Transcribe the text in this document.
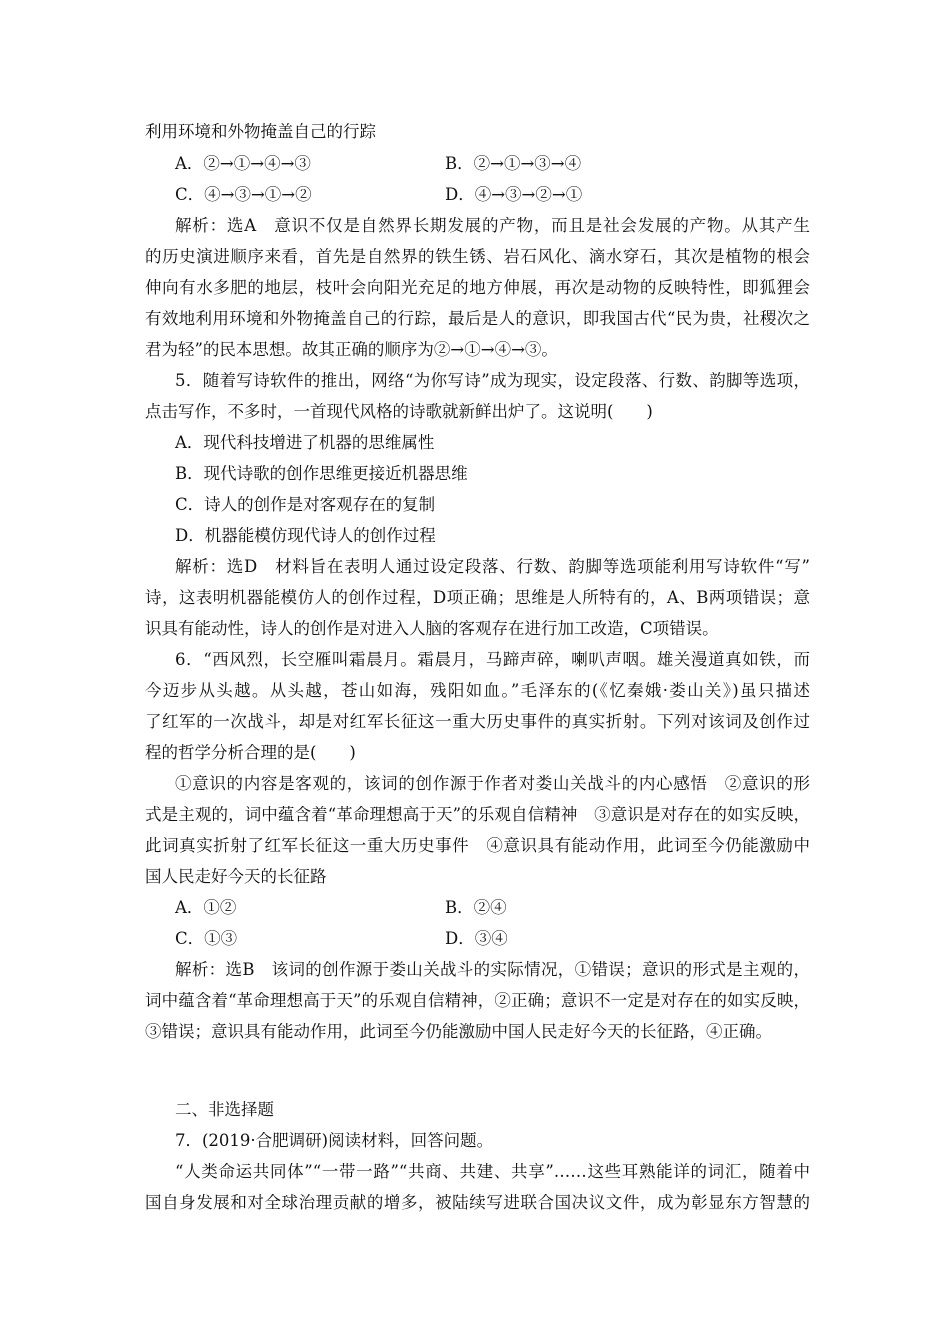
利用环境和外物掩盖自己的行踪
A．②→①→④→③	B．②→①→③→④
C．④→③→①→②	D．④→③→②→①
解析：选A　意识不仅是自然界长期发展的产物，而且是社会发展的产物。从其产生
的历史演进顺序来看，首先是自然界的铁生锈、岩石风化、滴水穿石，其次是植物的根会
伸向有水多肥的地层，枝叶会向阳光充足的地方伸展，再次是动物的反映特性，即狐狸会
有效地利用环境和外物掩盖自己的行踪，最后是人的意识，即我国古代“民为贵，社稷次之
君为轻”的民本思想。故其正确的顺序为②→①→④→③。
5．随着写诗软件的推出，网络“为你写诗”成为现实，设定段落、行数、韵脚等选项，
点击写作，不多时，一首现代风格的诗歌就新鲜出炉了。这说明(　　)
A．现代科技增进了机器的思维属性
B．现代诗歌的创作思维更接近机器思维
C．诗人的创作是对客观存在的复制
D．机器能模仿现代诗人的创作过程
解析：选D　材料旨在表明人通过设定段落、行数、韵脚等选项能利用写诗软件“写”
诗，这表明机器能模仿人的创作过程，D项正确；思维是人所特有的，A、B两项错误；意
识具有能动性，诗人的创作是对进入人脑的客观存在进行加工改造，C项错误。
6．“西风烈，长空雁叫霜晨月。霜晨月，马蹄声碎，喇叭声咽。雄关漫道真如铁，而
今迈步从头越。从头越，苍山如海，残阳如血。”毛泽东的(《忆秦娥·娄山关》)虽只描述
了红军的一次战斗，却是对红军长征这一重大历史事件的真实折射。下列对该词及创作过
程的哲学分析合理的是(　　)
①意识的内容是客观的，该词的创作源于作者对娄山关战斗的内心感悟　②意识的形
式是主观的，词中蕴含着“革命理想高于天”的乐观自信精神　③意识是对存在的如实反映，
此词真实折射了红军长征这一重大历史事件　④意识具有能动作用，此词至今仍能激励中
国人民走好今天的长征路
A．①②	B．②④
C．①③	D．③④
解析：选B　该词的创作源于娄山关战斗的实际情况，①错误；意识的形式是主观的，
词中蕴含着“革命理想高于天”的乐观自信精神，②正确；意识不一定是对存在的如实反映，
③错误；意识具有能动作用，此词至今仍能激励中国人民走好今天的长征路，④正确。
二、非选择题
7．(2019·合肥调研)阅读材料，回答问题。
“人类命运共同体”“一带一路”“共商、共建、共享”……这些耳熟能详的词汇，随着中
国自身发展和对全球治理贡献的增多，被陆续写进联合国决议文件，成为彰显东方智慧的
